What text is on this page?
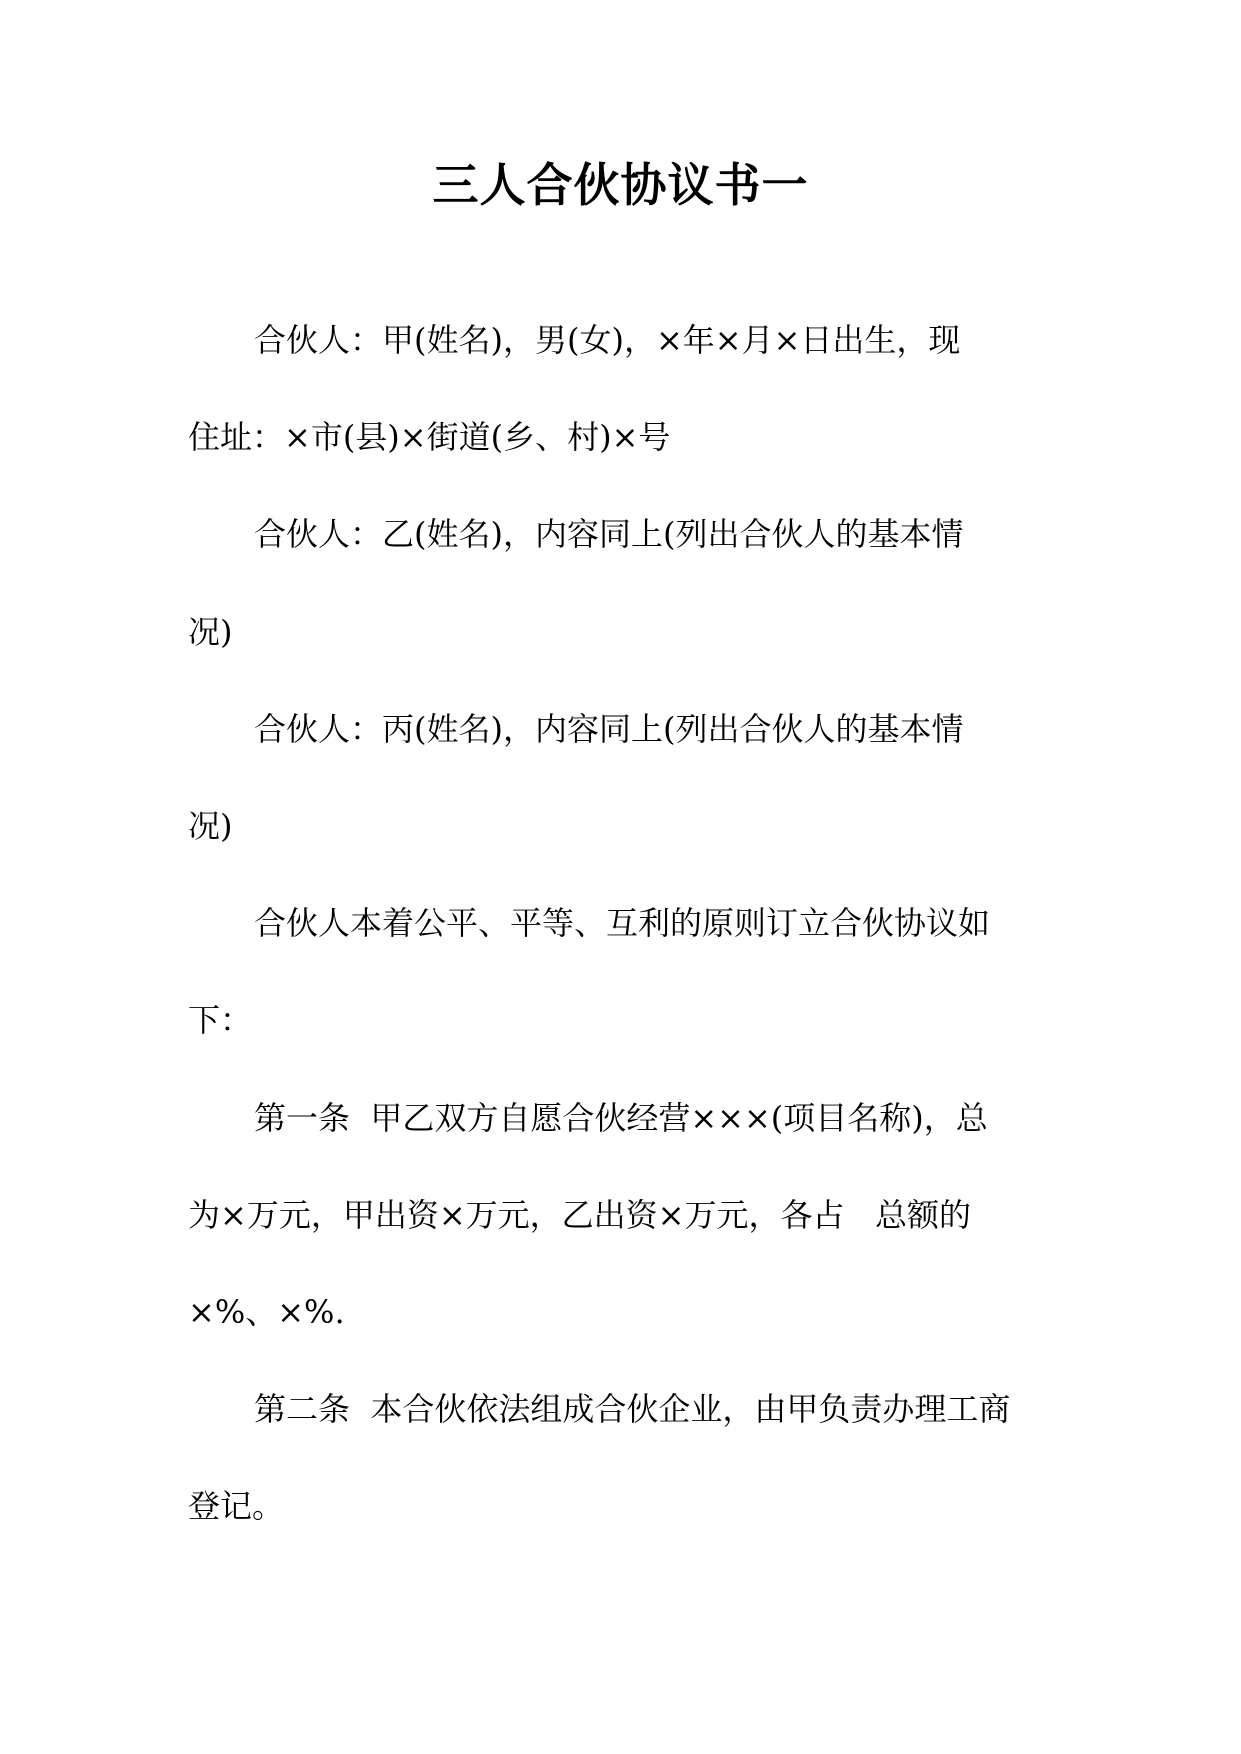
三人合伙协议书一
合伙人：甲(姓名)，男(女)，×年×月×日出生，现
住址：×市(县)×街道(乡、村)×号
合伙人：乙(姓名)，内容同上(列出合伙人的基本情
况)
合伙人：丙(姓名)，内容同上(列出合伙人的基本情
况)
合伙人本着公平、平等、互利的原则订立合伙协议如
下：
第一条  甲乙双方自愿合伙经营×××(项目名称)，总
为×万元，甲出资×万元，乙出资×万元，各占   总额的
×%、×%.
第二条  本合伙依法组成合伙企业，由甲负责办理工商
登记。
